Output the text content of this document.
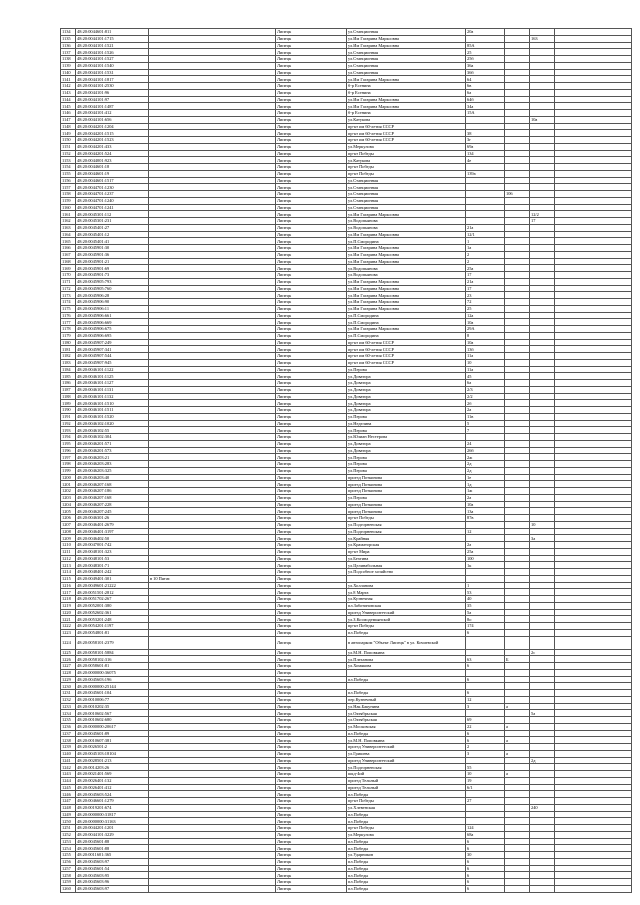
1134	48:20:0044601:811		Липецк	ул.Станционная	20а			
1135	48:20:0044101:1715		Липецк	ул.Им Гагарина Марксовна			163	
1136	48:20:0044101:1521		Липецк	ул.Им Гагарина Марксовна	85А			
1137	48:20:0044101:1526		Липецк	ул.Станционная	25			
1138	48:20:0044101:1527		Липецк	ул.Станционная	25б			
1139	48:20:0044101:1540		Липецк	ул.Станционная	36а			
1140	48:20:0044101:1531		Липецк	ул.Станционная	36б			
1141	48:20:0044101:1817		Липецк	ул.Им Гагарина Марксовна	64			
1142	48:20:0044101:2530		Липецк	б-р Есенина	6в			
1143	48:20:0044101:96		Липецк	б-р Есенина	6а			
1144	48:20:0044101:97		Липецк	ул.Им Гагарина Марксовна	64б			
1145	48:20:0044101:1487		Липецк	ул.Им Гагарина Марксовна	34а			
1146	48:20:0044101:412		Липецк	б-р Есенина	15А			
1147	48:20:0044101:656		Липецк	ул.Катукова			10а	
1148	48:20:0044201:1204		Липецк	пр-кт им 60-летия СССР				
1149	48:20:0044201:1515		Липецк	пр-кт им 60-летия СССР	38			
1150	48:20:0044201:1523		Липецк	пр-кт им 60-летия СССР	3г			
1151	48:20:0044201:433		Липецк	ул.Меркулова	69а			
1152	48:20:0044201:524		Липецк	пр-кт Победы	134			
1153	48:20:0044001:923		Липецк	ул.Катукова	4е			
1154	48:20:0044601:18		Липецк	пр-кт Победы				
1155	48:20:0044601:19		Липецк	пр-кт Победы	139а			
1156	48:20:0044601:1517		Липецк	ул.Станционная				
1157	48:20:0044701:1230		Липецк	ул.Станционная				
1158	48:20:0044701:1237		Липецк	ул.Станционная		106		
1159	48:20:0044701:1240		Липецк	ул.Станционная				
1160	48:20:0044701:1241		Липецк	ул.Станционная				
1161	48:20:0045301:112		Липецк	ул.Им Гагарина Марксовна			12/2	
1162	48:20:0045301:231		Липецк	ул.Водопьянова			17	
1163	48:20:0045401:27		Липецк	ул.Водопьянова	21а			
1164	48:20:0045401:12		Липецк	ул.Им Гагарина Марксовна	12/1			
1165	48:20:0045401:41		Липецк	ул.П.Смородина	1			
1166	48:20:0045901:30		Липецк	ул.Им Гагарина Марксовна	1а			
1167	48:20:0045901:36		Липецк	ул.Им Гагарина Марксовна	2			
1168	48:20:0045901:21		Липецк	ул.Им Гагарина Марксовна	2			
1169	48:20:0045901:69		Липецк	ул.Водопьянова	25а			
1170	48:20:0045901:73		Липецк	ул.Водопьянова	17			
1171	48:20:0045905:793		Липецк	ул.Им Гагарина Марксовна	21а			
1172	48:20:0045905:760		Липецк	ул.Им Гагарина Марксовна	17			
1173	48:20:0045906:28		Липецк	ул.Им Гагарина Марксовна	23			
1174	48:20:0045906:90		Липецк	ул.Им Гагарина Марксовна	72			
1175	48:20:0045906:11		Липецк	ул.Им Гагарина Марксовна	25			
1176	48:20:0045906:661		Липецк	ул.П.Смородина	12а			
1177	48:20:0045906:669		Липецк	ул.П.Смородина	10а			
1178	48:20:0045906:675		Липецк	ул.Им Гагарина Марксовна	29А			
1179	48:20:0045906:695		Липецк	ул.П.Смородина	8			
1180	48:20:0045907:249		Липецк	пр-кт им 60-летия СССР	10а			
1181	48:20:0045907:341		Липецк	пр-кт им 60-летия СССР	13б			
1182	48:20:0045907:544		Липецк	пр-кт им 60-летия СССР	11а			
1183	48:20:0045907:945		Липецк	пр-кт им 60-летия СССР	10			
1184	48:20:0046101:1122		Липецк	ул.Перова	11а			
1185	48:20:0046101:1125		Липецк	ул.Доватора	45			
1186	48:20:0046101:1127		Липецк	ул.Доватора	6а			
1187	48:20:0046101:1131		Липецк	ул.Доватора	2/3			
1188	48:20:0046101:1132		Липецк	ул.Доватора	2/2			
1189	48:20:0046101:1510		Липецк	ул.Доватора	2б			
1190	48:20:0046101:1511		Липецк	ул.Доватора	2а			
1191	48:20:0046101:1520		Липецк	ул.Перова	11в			
1192	48:20:0046102:1020		Липецк	ул.Неделина	5			
1193	48:20:0046102:55		Липецк	ул.Перова	7			
1194	48:20:0046102:304		Липецк	ул.Юлиан Нестерова				
1195	48:20:0046201:571		Липецк	ул.Доватора	24			
1196	48:20:0046201:573		Липецк	ул.Доватора	26б			
1197	48:20:0046203:21		Липецк	ул.Перова	2ж			
1198	48:20:0046203:283		Липецк	ул.Перова	2д			
1199	48:20:0046203:325		Липецк	ул.Перова	2д			
1200	48:20:0046203:40		Липецк	проезд Поткинова	1е			
1201	48:20:0046207:168		Липецк	проезд Поткинова	1д			
1202	48:20:0046207:186		Липецк	проезд Поткинова	1ж			
1203	48:20:0046207:168		Липецк	ул.Перова	2а			
1204	48:20:0046207:228		Липецк	проезд Поткинова	10а			
1205	48:20:0046207:245		Липецк	проезд Поткинова	13а			
1206	48:20:0046301:26		Липецк	пр-кт Победы	87в			
1207	48:20:0046401:2679		Липецк	ул.Подгорненская			10	
1208	48:20:0046401:3197		Липецк	ул.Подгорненская	12			
1209	48:20:0046402:50		Липецк	ул.Крайняя			3а	
1210	48:20:0047001:742		Липецк	ул.Краматорская	2а			
1211	48:20:0048101:323		Липецк	пр-кт Мира	25а			
1212	48:20:0048101:53		Липецк	ул.Бехтина	100			
1213	48:20:0048301:71		Липецк	ул.Целинабольная	1к			
1214	48:20:0048401:242		Липецк	ул.Подсобное хозяйство				
1215	48:20:0049401:301	в 10 Пятат.	Липецк					
1216	48:20:0049601:21222		Липецк	ул.Холланова	1			
1217	48:20:0051501:2812		Липецк	ул.8 Марта	53			
1218	48:20:0051702:267		Липецк	ул.Кузнечная	40			
1219	48:20:0052001:380		Липецк	пл.Заботиновская	35			
1220	48:20:0052602:361		Липецк	проезд Университетский	5а			
1221	48:20:0053201:248		Липецк	ул.З.Космодемьянской	8о			
1222	48:20:0054201:1197		Липецк	пр-кт Победы	174			
1223	48:20:0054801:81		Липецк	пл.Победы	6			
1224	48:20:0058101:2379		Липецк	в автопарком "Объект Липецк" в ул. Кочиевской				
1225	48:20:0058101:5884		Липецк	ул.М.Н. Поповкина			2с	
1226	48:20:0058102:316		Липецк	ул.Плеханова	63	Б		
1227	48:20:0058601:81		Липецк	ул.Хомякова	6			
1228	48:20:0000000:36075		Липецк					
1229	48:20:0045603:196		Липецк	пл.Победы	6			
1230	48:20:0000000:25144		Липецк					
1231	48:20:0045601:104		Липецк	пл.Победы	6			
1232	48:20:0010006:77		Липецк	пер.Кузнечный	12			
1233	48:20:0010202:35		Липецк	ул.Нак.Бакунина	3	а		
1234	48:20:0010602:567		Липецк	ул.Октябрьская			5а	
1235	48:20:0010602:680		Липецк	ул.Октябрьская	69			
1236	48:20:0000000:20617		Липецк	ул.Московская	22	а		
1237	48:20:0045601:89		Липецк	пл.Победы	6			
1238	48:20:0010607:381		Липецк	ул.М.Н. Поповкина	6	а		
1239	48:20:0026501:2		Липецк	проезд Университетский	2			
1240	48:20:0045103:18104		Липецк	ул.Гришева	3	а		
1241	48:20:0028501:213		Липецк	проезд Университетский			2д	
1242	48:20:0014203:26		Липецк	ул.Подгорненская	55			
1243	48:20:0021401:569		Липецк	шкд-4ий	10	а		
1244	48:20:0026401:132		Липецк	проезд Тельный	19			
1245	48:20:0026401:412		Липецк	проезд Тельный	6/1			
1246	48:20:0045603:524		Липецк	пл.Победы				
1247	48:20:0046601:1279		Липецк	пр-кт Победы	27			
1248	48:20:0019201:674		Липецк	ул.Хлевенская			240	
1249	48:20:0000000:31817		Липецк	пл.Победы				
1250	48:20:0000000:31163		Липецк	пл.Победы				
1251	48:20:0044201:1201		Липецк	пр-кт Победы	124			
1252	48:20:0044101:3229		Липецк	ул.Меркулова	68а			
1253	48:20:0045601:88		Липецк	пл.Победы	6			
1254	48:20:0045601:88		Липецк	пл.Победы	6			
1255	48:20:0011601:365		Липецк	ул.Ударников	30			
1256	48:20:0045603:97		Липецк	пл.Победы	6			
1257	48:20:0045601:54		Липецк	пл.Победы	6			
1258	48:20:0045603:95		Липецк	пл.Победы	6			
1259	48:20:0045603:96		Липецк	пл.Победы	6			
1260	48:20:0045603:97		Липецк	пл.Победы	6			
